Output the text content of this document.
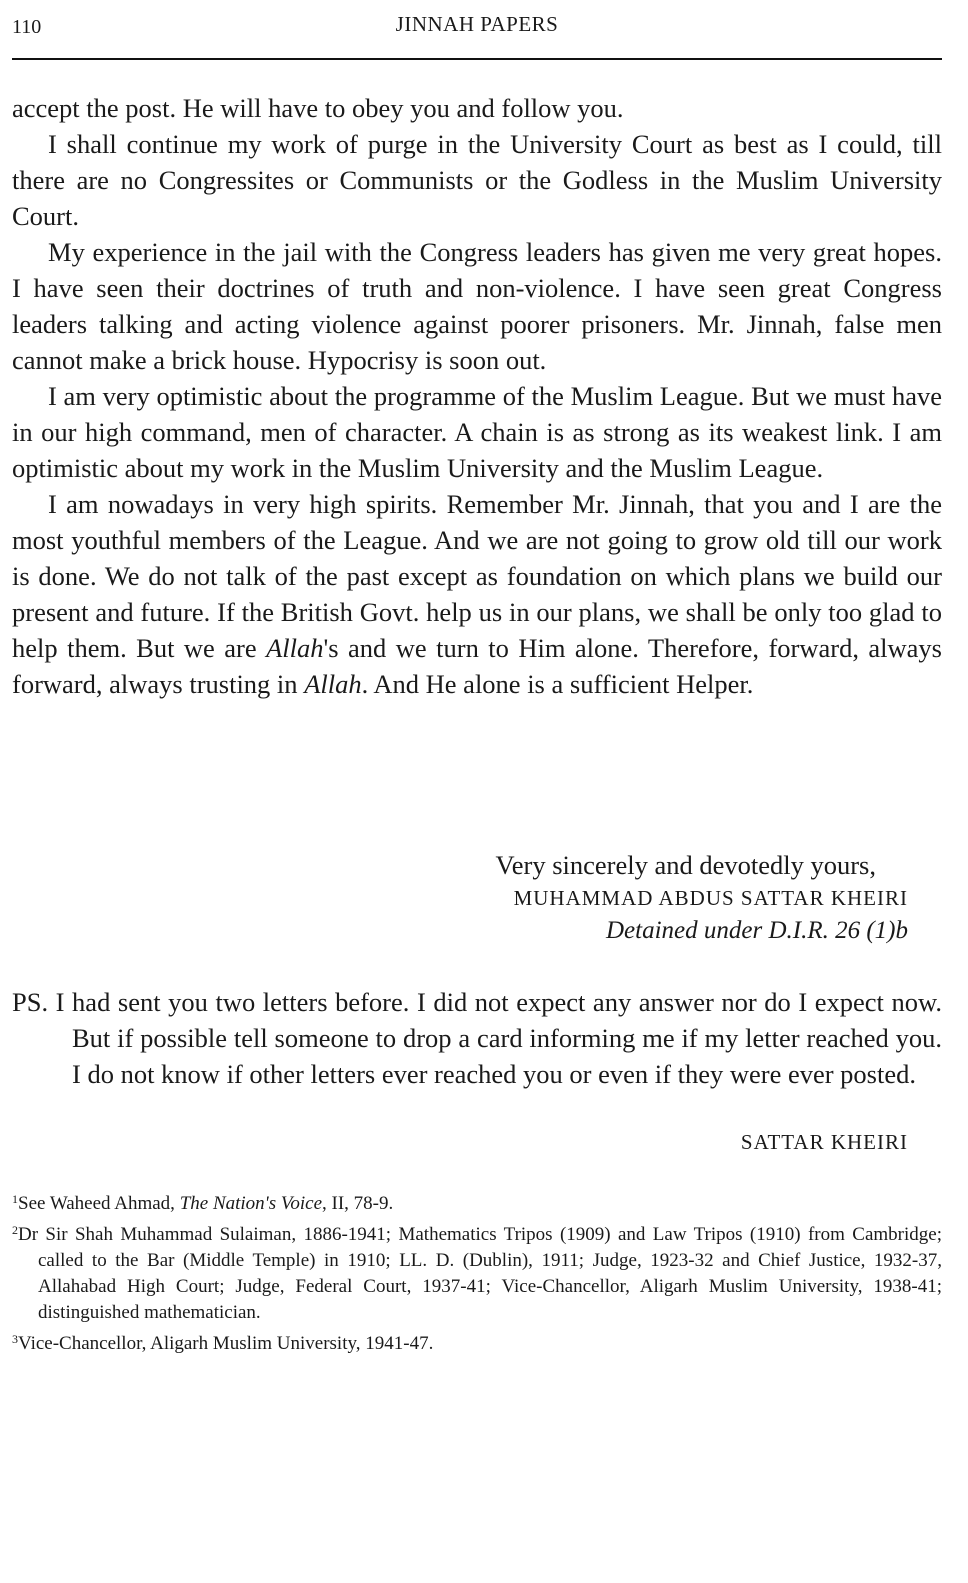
110	JINNAH PAPERS

accept the post. He will have to obey you and follow you.

I shall continue my work of purge in the University Court as best as I could, till there are no Congressites or Communists or the Godless in the Muslim University Court.

My experience in the jail with the Congress leaders has given me very great hopes. I have seen their doctrines of truth and non-violence. I have seen great Congress leaders talking and acting violence against poorer prisoners. Mr. Jinnah, false men cannot make a brick house. Hypocrisy is soon out.

I am very optimistic about the programme of the Muslim League. But we must have in our high command, men of character. A chain is as strong as its weakest link. I am optimistic about my work in the Muslim University and the Muslim League.

I am nowadays in very high spirits. Remember Mr. Jinnah, that you and I are the most youthful members of the League. And we are not going to grow old till our work is done. We do not talk of the past except as foundation on which plans we build our present and future. If the British Govt. help us in our plans, we shall be only too glad to help them. But we are Allah's and we turn to Him alone. Therefore, forward, always forward, always trusting in Allah. And He alone is a sufficient Helper.

Very sincerely and devotedly yours,
MUHAMMAD ABDUS SATTAR KHEIRI
Detained under D.I.R. 26 (1)b

PS. I had sent you two letters before. I did not expect any answer nor do I expect now. But if possible tell someone to drop a card informing me if my letter reached you. I do not know if other letters ever reached you or even if they were ever posted.

SATTAR KHEIRI

$^1$See Waheed Ahmad, The Nation's Voice, II, 78-9.

$^2$Dr Sir Shah Muhammad Sulaiman, 1886-1941; Mathematics Tripos (1909) and Law Tripos (1910) from Cambridge; called to the Bar (Middle Temple) in 1910; LL. D. (Dublin), 1911; Judge, 1923-32 and Chief Justice, 1932-37, Allahabad High Court; Judge, Federal Court, 1937-41; Vice-Chancellor, Aligarh Muslim University, 1938-41; distinguished mathematician.

$^3$Vice-Chancellor, Aligarh Muslim University, 1941-47.
